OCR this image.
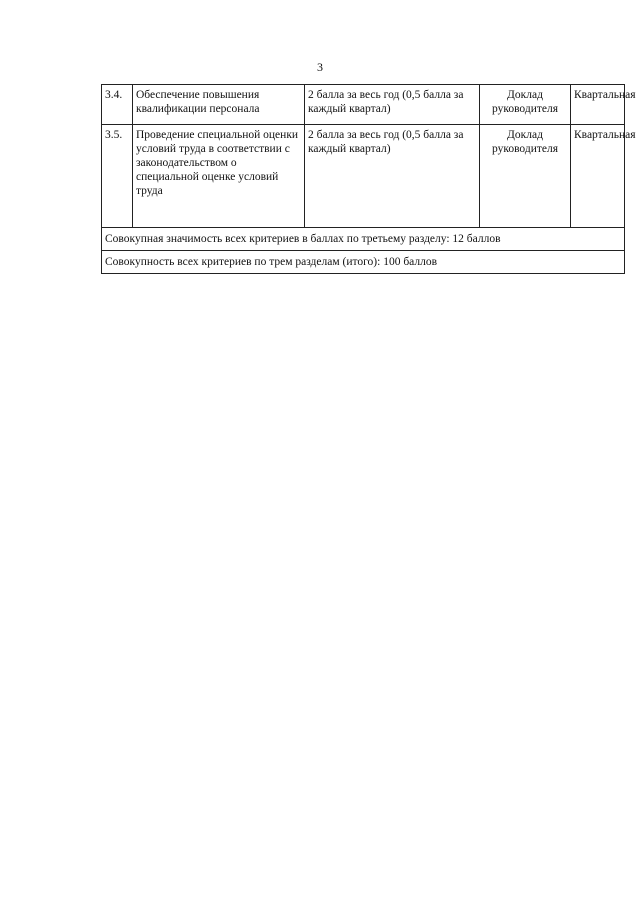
3
3.4.	Обеспечение повышения квалификации персонала	2 балла за весь год (0,5 балла за каждый квартал)	Доклад руководителя	Квартальная
3.5.	Проведение специальной оценки условий труда в соответствии с законодательством о специальной оценке условий труда	2 балла за весь год (0,5 балла за каждый квартал)	Доклад руководителя	Квартальная
Совокупная значимость всех критериев в баллах по третьему разделу: 12 баллов				
Совокупность всех критериев по трем разделам (итого): 100 баллов				
